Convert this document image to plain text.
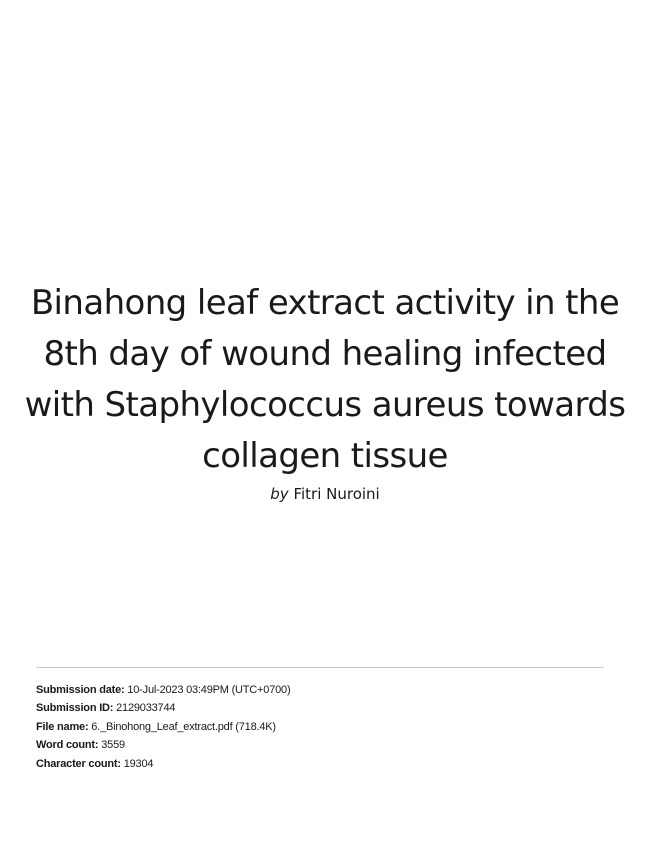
Binahong leaf extract activity in the 8th day of wound healing infected with Staphylococcus aureus towards collagen tissue
by Fitri Nuroini
Submission date: 10-Jul-2023 03:49PM (UTC+0700)
Submission ID: 2129033744
File name: 6._Binohong_Leaf_extract.pdf (718.4K)
Word count: 3559
Character count: 19304
